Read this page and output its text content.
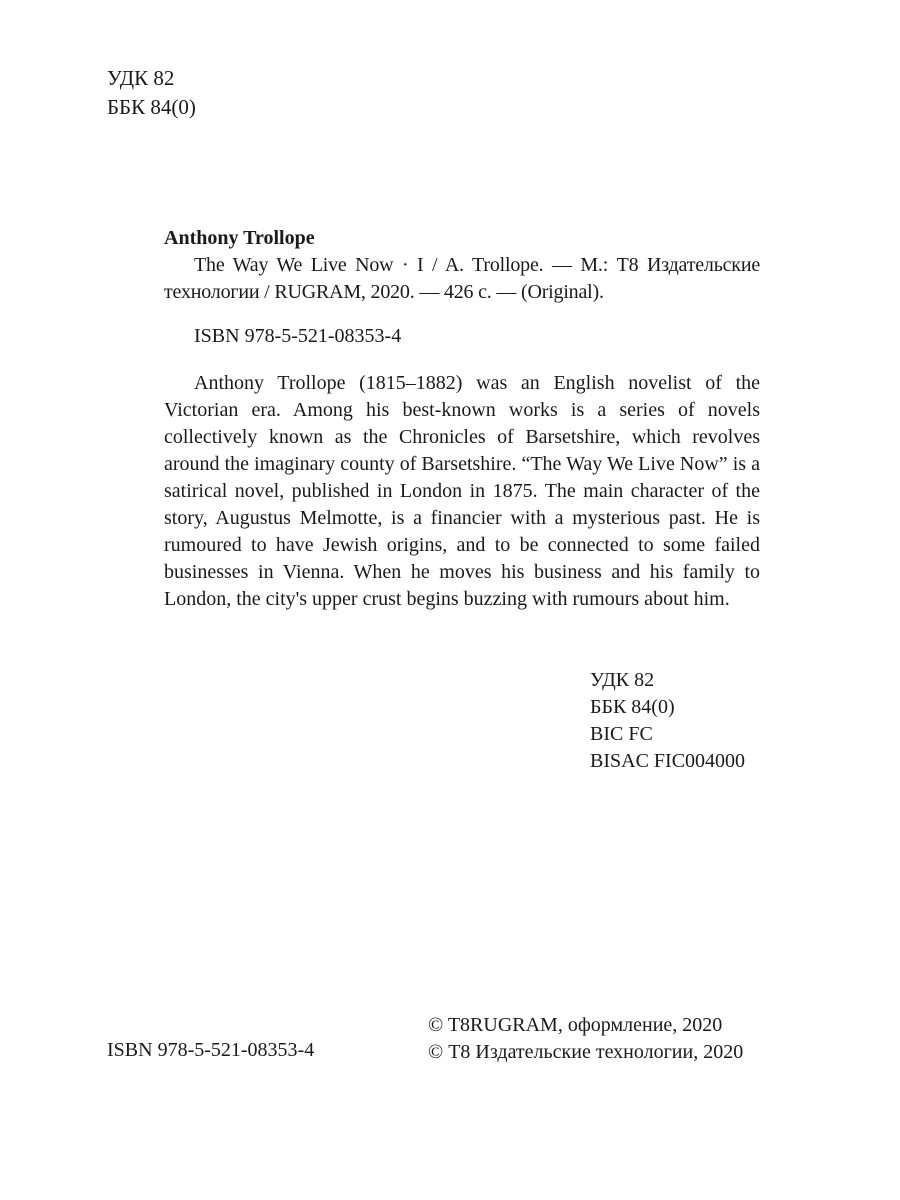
УДК 82
ББК 84(0)
Anthony Trollope
The Way We Live Now · I / A. Trollope. — М.: Т8 Издательские технологии / RUGRAM, 2020. — 426 с. — (Original).
ISBN 978-5-521-08353-4
Anthony Trollope (1815–1882) was an English novelist of the Victorian era. Among his best-known works is a series of novels collectively known as the Chronicles of Barsetshire, which revolves around the imaginary county of Barsetshire. “The Way We Live Now” is a satirical novel, published in London in 1875. The main character of the story, Augustus Melmotte, is a financier with a mysterious past. He is rumoured to have Jewish origins, and to be connected to some failed businesses in Vienna. When he moves his business and his family to London, the city's upper crust begins buzzing with rumours about him.
УДК 82
ББК 84(0)
BIC FC
BISAC FIC004000
ISBN 978-5-521-08353-4
© T8RUGRAM, оформление, 2020
© Т8 Издательские технологии, 2020
